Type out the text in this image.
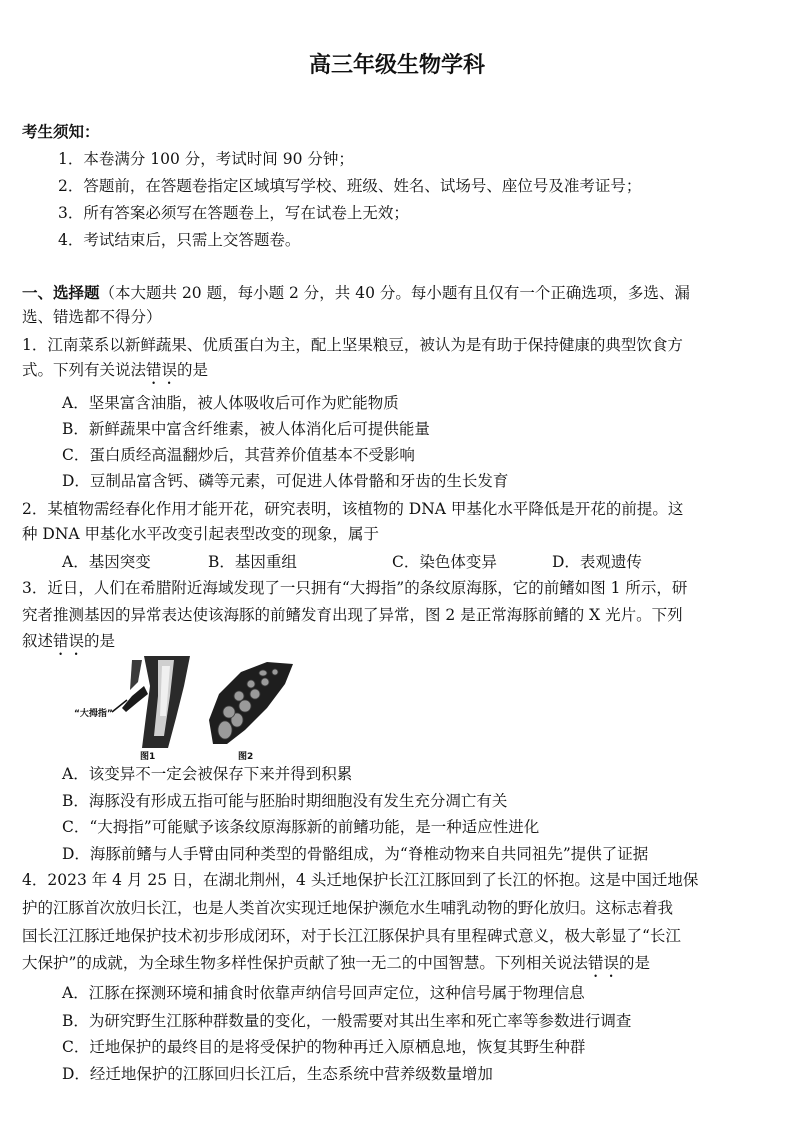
高三年级生物学科
考生须知：
1．本卷满分 100 分，考试时间 90 分钟；
2．答题前，在答题卷指定区域填写学校、班级、姓名、试场号、座位号及准考证号；
3．所有答案必须写在答题卷上，写在试卷上无效；
4．考试结束后，只需上交答题卷。
一、选择题（本大题共 20 题，每小题 2 分，共 40 分。每小题有且仅有一个正确选项，多选、漏
选、错选都不得分）
1．江南菜系以新鲜蔬果、优质蛋白为主，配上坚果粮豆，被认为是有助于保持健康的典型饮食方
式。下列有关说法错误的是
A．坚果富含油脂，被人体吸收后可作为贮能物质
B．新鲜蔬果中富含纤维素，被人体消化后可提供能量
C．蛋白质经高温翻炒后，其营养价值基本不受影响
D．豆制品富含钙、磷等元素，可促进人体骨骼和牙齿的生长发育
2．某植物需经春化作用才能开花，研究表明，该植物的 DNA 甲基化水平降低是开花的前提。这
种 DNA 甲基化水平改变引起表型改变的现象，属于
A．基因突变	B．基因重组	C．染色体变异	D．表观遗传
3．近日，人们在希腊附近海域发现了一只拥有“大拇指”的条纹原海豚，它的前鳍如图 1 所示，研
究者推测基因的异常表达使该海豚的前鳍发育出现了异常，图 2 是正常海豚前鳍的 X 光片。下列
叙述错误的是
“大拇指”
图1	图2
A．该变异不一定会被保存下来并得到积累
B．海豚没有形成五指可能与胚胎时期细胞没有发生充分凋亡有关
C．“大拇指”可能赋予该条纹原海豚新的前鳍功能，是一种适应性进化
D．海豚前鳍与人手臂由同种类型的骨骼组成，为“脊椎动物来自共同祖先”提供了证据
4．2023 年 4 月 25 日，在湖北荆州，4 头迁地保护长江江豚回到了长江的怀抱。这是中国迁地保
护的江豚首次放归长江，也是人类首次实现迁地保护濒危水生哺乳动物的野化放归。这标志着我
国长江江豚迁地保护技术初步形成闭环，对于长江江豚保护具有里程碑式意义，极大彰显了“长江
大保护”的成就，为全球生物多样性保护贡献了独一无二的中国智慧。下列相关说法错误的是
A．江豚在探测环境和捕食时依靠声纳信号回声定位，这种信号属于物理信息
B．为研究野生江豚种群数量的变化，一般需要对其出生率和死亡率等参数进行调查
C．迁地保护的最终目的是将受保护的物种再迁入原栖息地，恢复其野生种群
D．经迁地保护的江豚回归长江后，生态系统中营养级数量增加
